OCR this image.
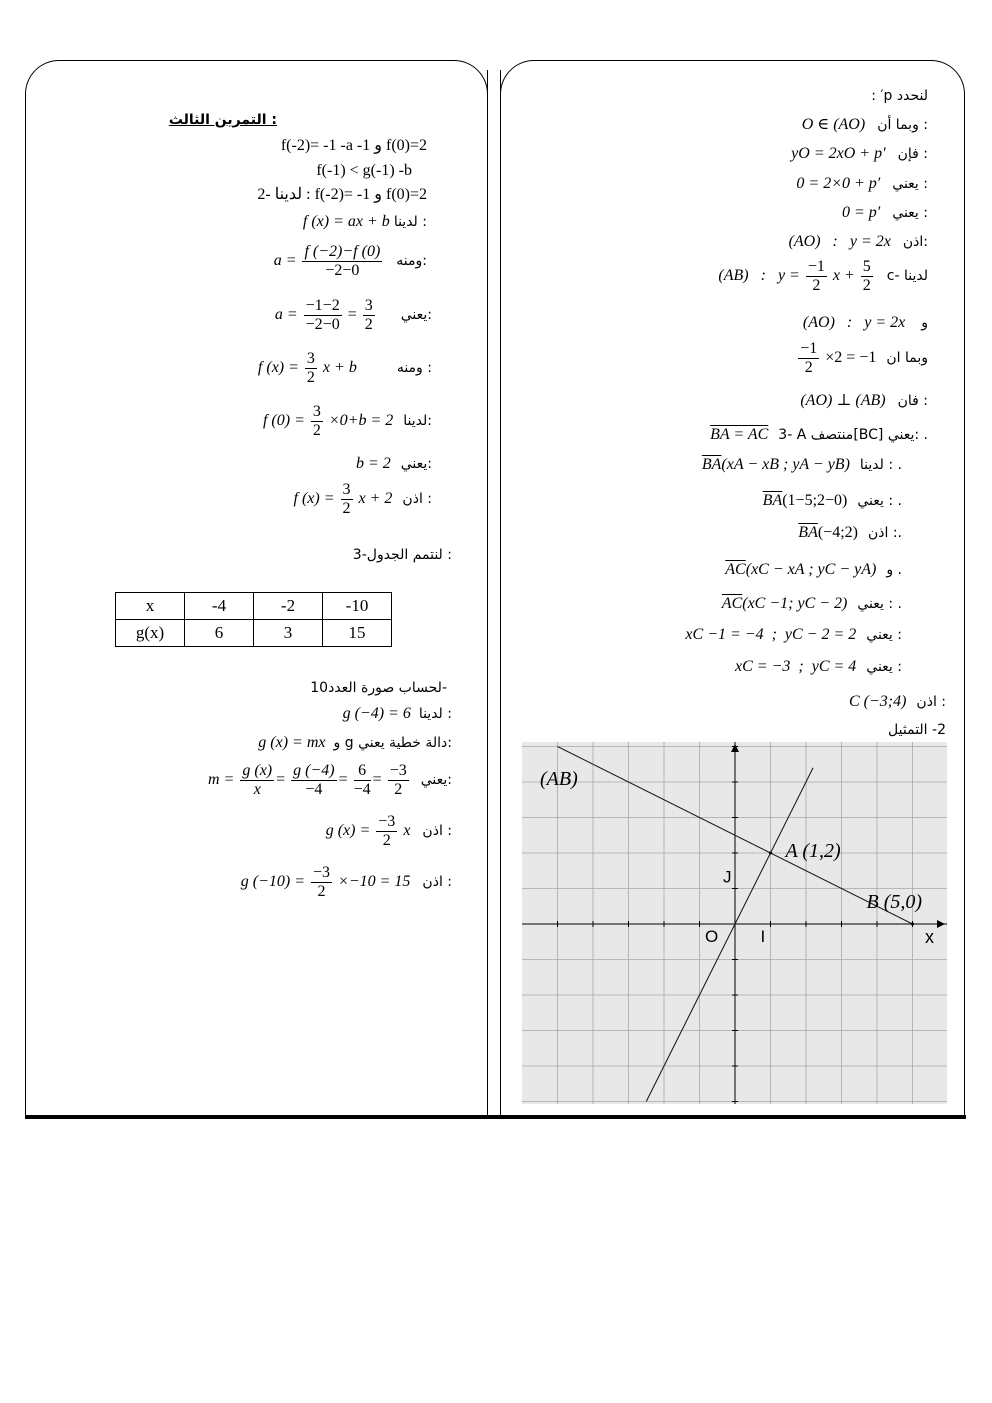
التمرين الثالث :
f(0)=2 و f(-2)= -1 -a -1
f(-1) < g(-1) -b
f(0)=2 و f(-2)= -1 : لدينا -2
f (x) = ax + b لدينا :
$a = \frac{f (-2)-f (0)}{-2-0}$ ومنه:
$a = \frac{-1-2}{-2-0} = \frac{3}{2}$ يعني:
f $(x) = \frac{3}{2}$ x + b	ومنه :
f $(0) = \frac{3}{2} \times 0+b = 2$ لدينا:
b = 2 يعني:
f $(x) = \frac{3}{2}$ x + 2 اذن :
3-لنتمم الجدول :
x	-4	-2	-10
g(x)	6	3	15
لحساب صورة العدد10-
g (−4) = 6 لدينا :
g (x) = mx و g دالة خطية يعني:
$m = \frac{g (x)}{x} = \frac{g (-4)}{-4} = \frac{6}{-4} = \frac{-3}{2}$ يعني:
g $(x) = \frac{-3}{2}$ x اذن :
g $(-10) = \frac{-3}{2} \times-10 = 15$ اذن :
لنحدد p′ :
O ∈ (AO) وبما أن :
yO = 2xO + p′ فإن :
0 = 2×0 + p′ يعني :
0 = p′ يعني :
(AO)   :   y = 2x اذن:
(AB)   :   $y = \frac{-1}{2}$ $x + \frac{5}{2} c-$ لدينا
(AO)   :   y = 2x و
$\frac{-1}{2} \times 2 = -1$ وبما ان
(AO) ⊥ (AB) فان :
BA = AC 3- A منتصف[BC] يعني: .
$\overline{BA}(xA$ − xB ; yA − yB) لدينا : .
$\overline{BA}(1-5;2-0)$ يعني : .
$\overline{BA}(-4;2)$ اذن :.
$\overline{AC}(xC$ − xA ; yC − yA) و .
$\overline{AC}(xC -1$; yC − 2) يعني : .
xC −1 = −4  ;  yC − 2 = 2 يعني :
xC = −3  ;  yC = 4 يعني :
C (−3;4) اذن :
2- التمثيل
(AB)
A (1,2)
B (5,0)
O I
J
x
